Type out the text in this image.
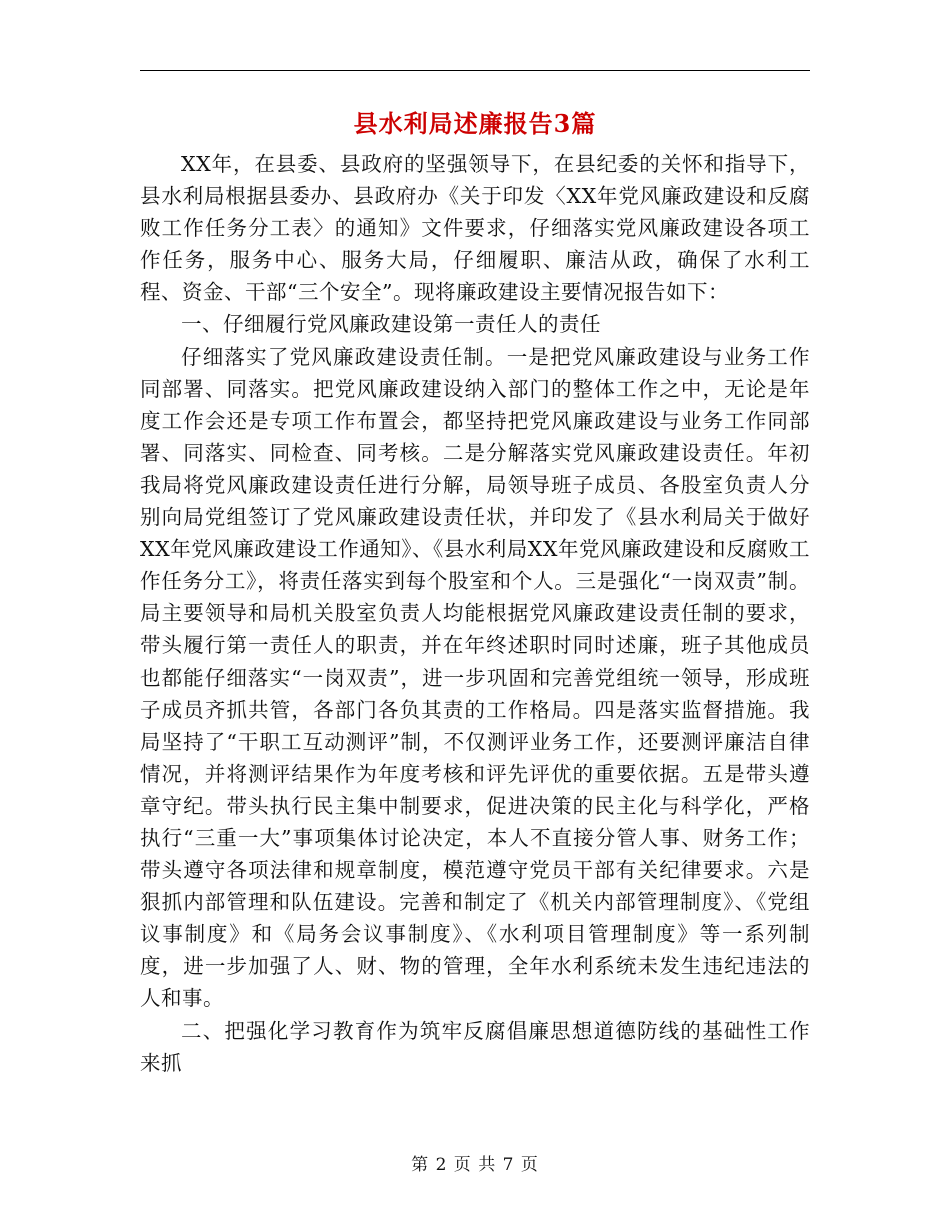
县水利局述廉报告3篇

XX年，在县委、县政府的坚强领导下，在县纪委的关怀和指导下，县水利局根据县委办、县政府办《关于印发〈XX年党风廉政建设和反腐败工作任务分工表〉的通知》文件要求，仔细落实党风廉政建设各项工作任务，服务中心、服务大局，仔细履职、廉洁从政，确保了水利工程、资金、干部“三个安全”。现将廉政建设主要情况报告如下：

一、仔细履行党风廉政建设第一责任人的责任

仔细落实了党风廉政建设责任制。一是把党风廉政建设与业务工作同部署、同落实。把党风廉政建设纳入部门的整体工作之中，无论是年度工作会还是专项工作布置会，都坚持把党风廉政建设与业务工作同部署、同落实、同检查、同考核。二是分解落实党风廉政建设责任。年初我局将党风廉政建设责任进行分解，局领导班子成员、各股室负责人分别向局党组签订了党风廉政建设责任状，并印发了《县水利局关于做好XX年党风廉政建设工作通知》、《县水利局XX年党风廉政建设和反腐败工作任务分工》，将责任落实到每个股室和个人。三是强化“一岗双责”制。局主要领导和局机关股室负责人均能根据党风廉政建设责任制的要求，带头履行第一责任人的职责，并在年终述职时同时述廉，班子其他成员也都能仔细落实“一岗双责”，进一步巩固和完善党组统一领导，形成班子成员齐抓共管，各部门各负其责的工作格局。四是落实监督措施。我局坚持了“干职工互动测评”制，不仅测评业务工作，还要测评廉洁自律情况，并将测评结果作为年度考核和评先评优的重要依据。五是带头遵章守纪。带头执行民主集中制要求，促进决策的民主化与科学化，严格执行“三重一大”事项集体讨论决定，本人不直接分管人事、财务工作；带头遵守各项法律和规章制度，模范遵守党员干部有关纪律要求。六是狠抓内部管理和队伍建设。完善和制定了《机关内部管理制度》、《党组议事制度》和《局务会议事制度》、《水利项目管理制度》等一系列制度，进一步加强了人、财、物的管理，全年水利系统未发生违纪违法的人和事。

二、把强化学习教育作为筑牢反腐倡廉思想道德防线的基础性工作来抓

第 2 页 共 7 页
